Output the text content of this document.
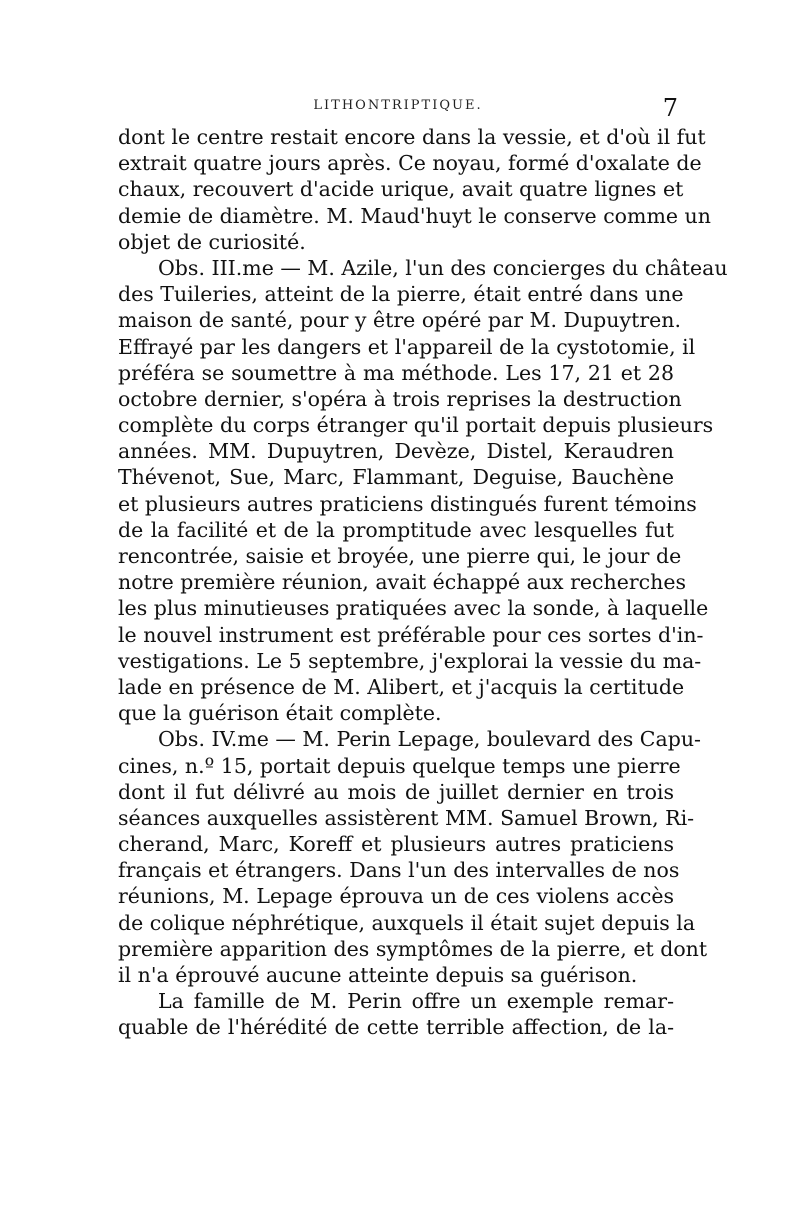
LITHONTRIPTIQUE.	7
dont le centre restait encore dans la vessie, et d'où il fut
extrait quatre jours après. Ce noyau, formé d'oxalate de
chaux, recouvert d'acide urique, avait quatre lignes et
demie de diamètre. M. Maud'huyt le conserve comme un
objet de curiosité.
Obs. III.me — M. Azile, l'un des concierges du château
des Tuileries, atteint de la pierre, était entré dans une
maison de santé, pour y être opéré par M. Dupuytren.
Effrayé par les dangers et l'appareil de la cystotomie, il
préféra se soumettre à ma méthode. Les 17, 21 et 28
octobre dernier, s'opéra à trois reprises la destruction
complète du corps étranger qu'il portait depuis plusieurs
années. MM. Dupuytren, Devèze, Distel, Keraudren
Thévenot, Sue, Marc, Flammant, Deguise, Bauchène
et plusieurs autres praticiens distingués furent témoins
de la facilité et de la promptitude avec lesquelles fut
rencontrée, saisie et broyée, une pierre qui, le jour de
notre première réunion, avait échappé aux recherches
les plus minutieuses pratiquées avec la sonde, à laquelle
le nouvel instrument est préférable pour ces sortes d'in-
vestigations. Le 5 septembre, j'explorai la vessie du ma-
lade en présence de M. Alibert, et j'acquis la certitude
que la guérison était complète.
Obs. IV.me — M. Perin Lepage, boulevard des Capu-
cines, n.º 15, portait depuis quelque temps une pierre
dont il fut délivré au mois de juillet dernier en trois
séances auxquelles assistèrent MM. Samuel Brown, Ri-
cherand, Marc, Koreff et plusieurs autres praticiens
français et étrangers. Dans l'un des intervalles de nos
réunions, M. Lepage éprouva un de ces violens accès
de colique néphrétique, auxquels il était sujet depuis la
première apparition des symptômes de la pierre, et dont
il n'a éprouvé aucune atteinte depuis sa guérison.
La famille de M. Perin offre un exemple remar-
quable de l'hérédité de cette terrible affection, de la-
